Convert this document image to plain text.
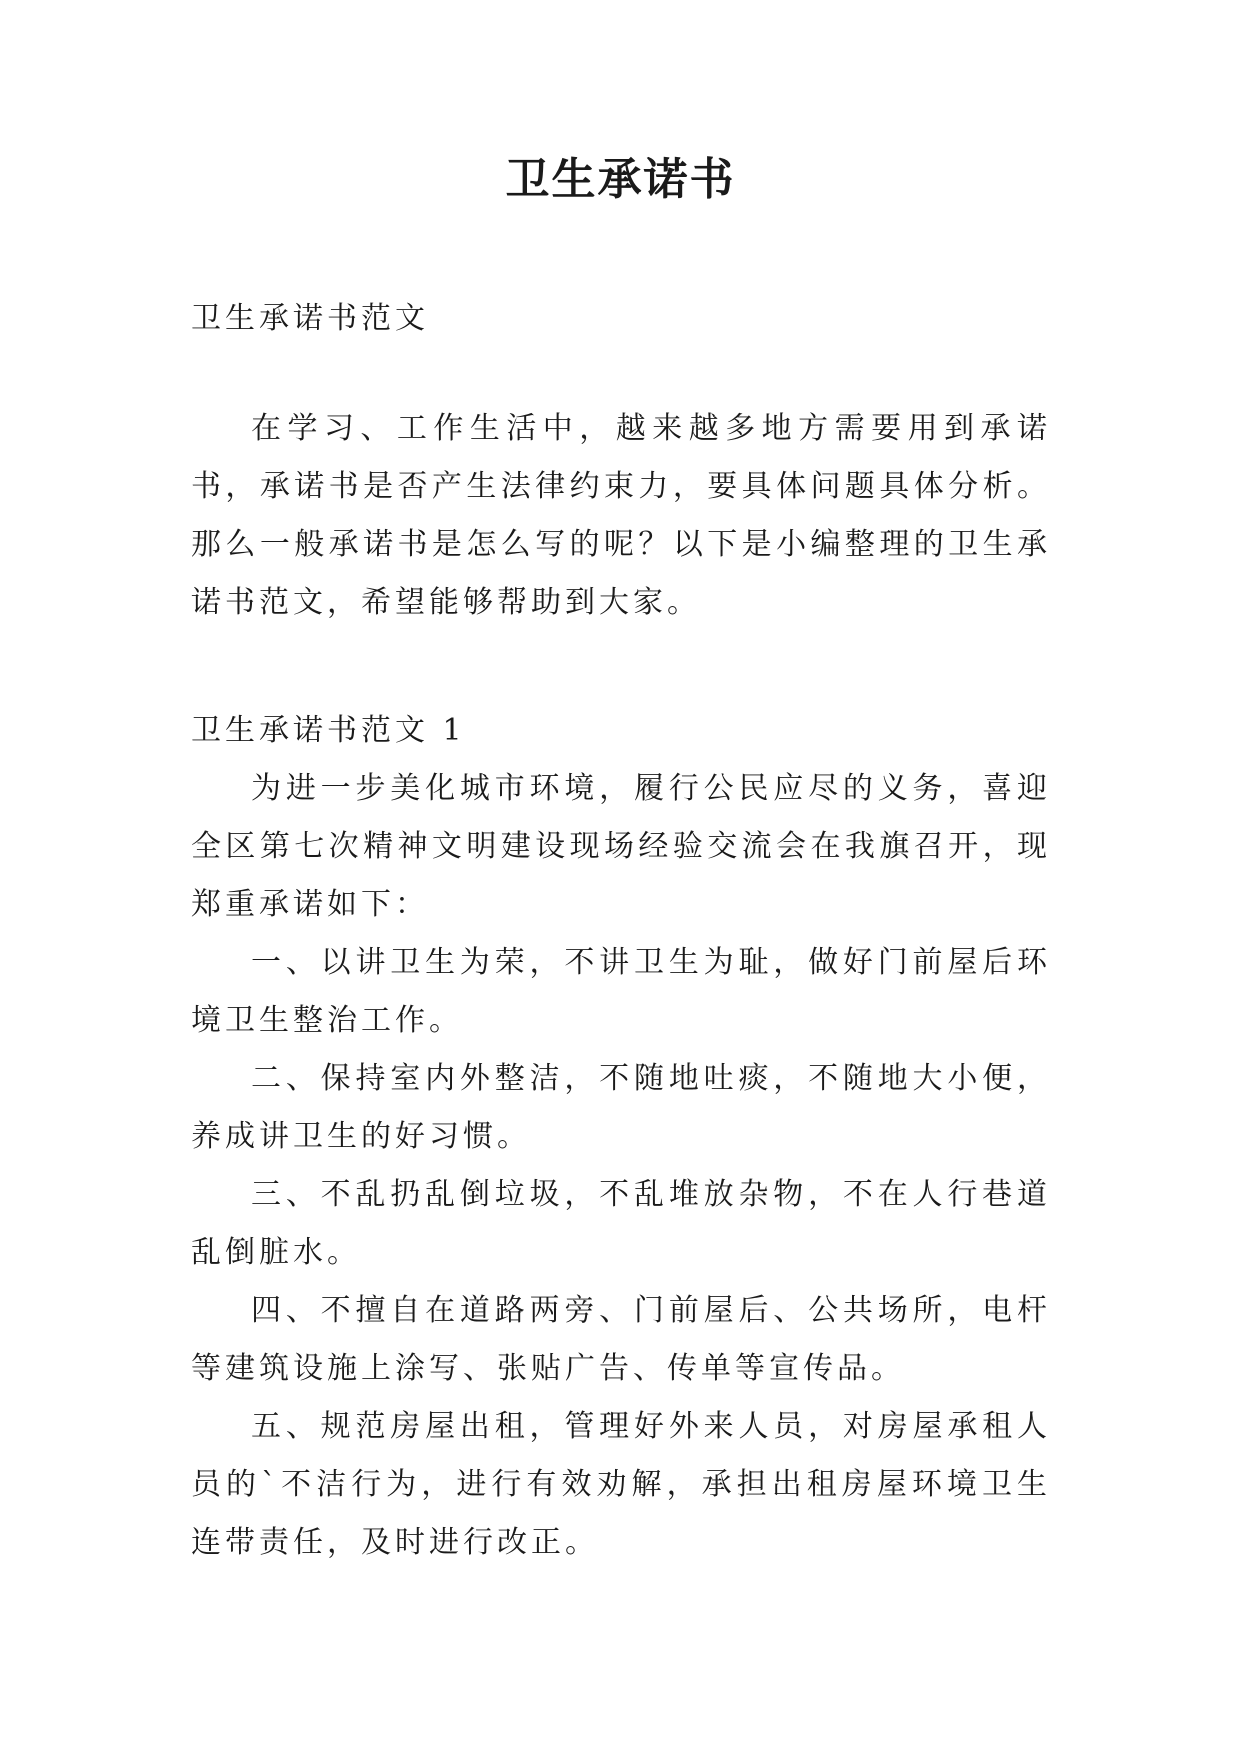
卫生承诺书

卫生承诺书范文

在学习、工作生活中，越来越多地方需要用到承诺书，承诺书是否产生法律约束力，要具体问题具体分析。那么一般承诺书是怎么写的呢？以下是小编整理的卫生承诺书范文，希望能够帮助到大家。

卫生承诺书范文 1

为进一步美化城市环境，履行公民应尽的义务，喜迎全区第七次精神文明建设现场经验交流会在我旗召开，现郑重承诺如下：

一、以讲卫生为荣，不讲卫生为耻，做好门前屋后环境卫生整治工作。

二、保持室内外整洁，不随地吐痰，不随地大小便，养成讲卫生的好习惯。

三、不乱扔乱倒垃圾，不乱堆放杂物，不在人行巷道乱倒脏水。

四、不擅自在道路两旁、门前屋后、公共场所，电杆等建筑设施上涂写、张贴广告、传单等宣传品。

五、规范房屋出租，管理好外来人员，对房屋承租人员的`不洁行为，进行有效劝解，承担出租房屋环境卫生连带责任，及时进行改正。
